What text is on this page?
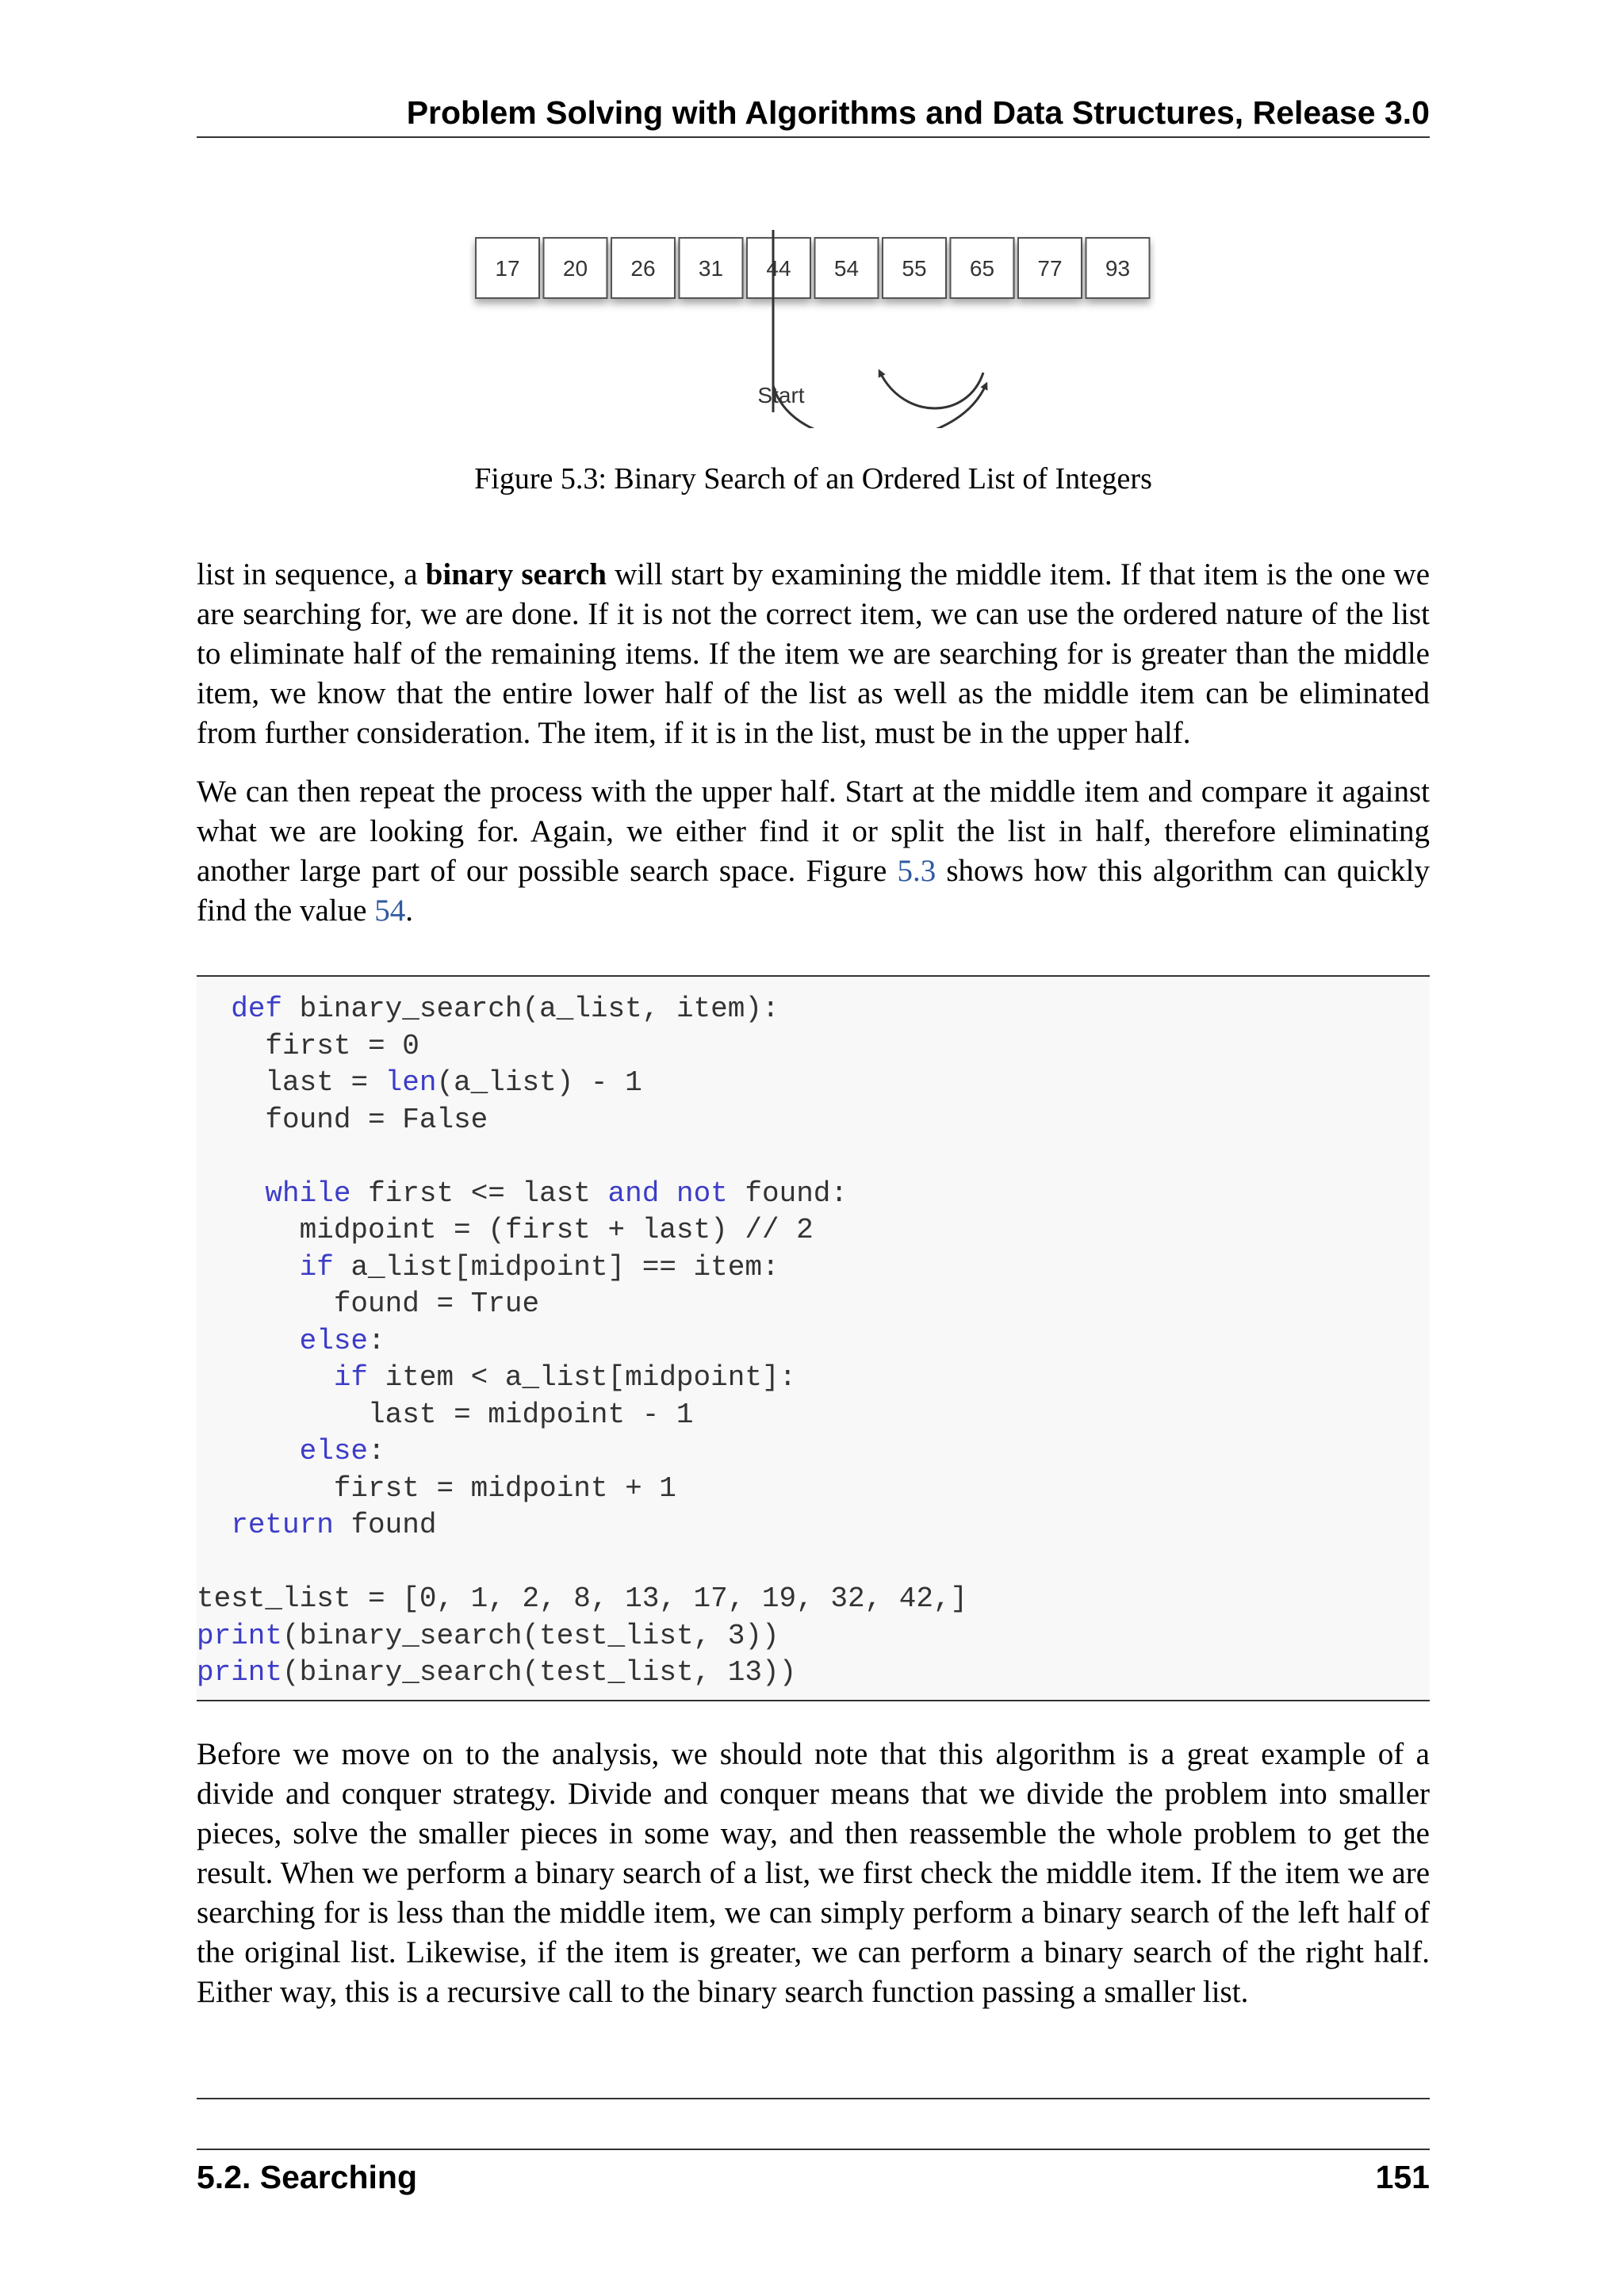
Problem Solving with Algorithms and Data Structures, Release 3.0
17 20 26 31 44 54 55 65 77 93
Start
Figure 5.3: Binary Search of an Ordered List of Integers

list in sequence, a binary search will start by examining the middle item. If that item is the one we are searching for, we are done. If it is not the correct item, we can use the ordered nature of the list to eliminate half of the remaining items. If the item we are searching for is greater than the middle item, we know that the entire lower half of the list as well as the middle item can be eliminated from further consideration. The item, if it is in the list, must be in the upper half.

We can then repeat the process with the upper half. Start at the middle item and compare it against what we are looking for. Again, we either find it or split the list in half, therefore eliminating another large part of our possible search space. Figure 5.3 shows how this algorithm can quickly find the value 54.

def binary_search(a_list, item):
first = 0
last = len(a_list) - 1
found = False

while first <= last and not found:
midpoint = (first + last) // 2
if a_list[midpoint] == item:
found = True
else:
if item < a_list[midpoint]:
last = midpoint - 1
else:
first = midpoint + 1
return found

test_list = [0, 1, 2, 8, 13, 17, 19, 32, 42,]
print(binary_search(test_list, 3))
print(binary_search(test_list, 13))

Before we move on to the analysis, we should note that this algorithm is a great example of a divide and conquer strategy. Divide and conquer means that we divide the problem into smaller pieces, solve the smaller pieces in some way, and then reassemble the whole problem to get the result. When we perform a binary search of a list, we first check the middle item. If the item we are searching for is less than the middle item, we can simply perform a binary search of the left half of the original list. Likewise, if the item is greater, we can perform a binary search of the right half. Either way, this is a recursive call to the binary search function passing a smaller list.

5.2. Searching	151
